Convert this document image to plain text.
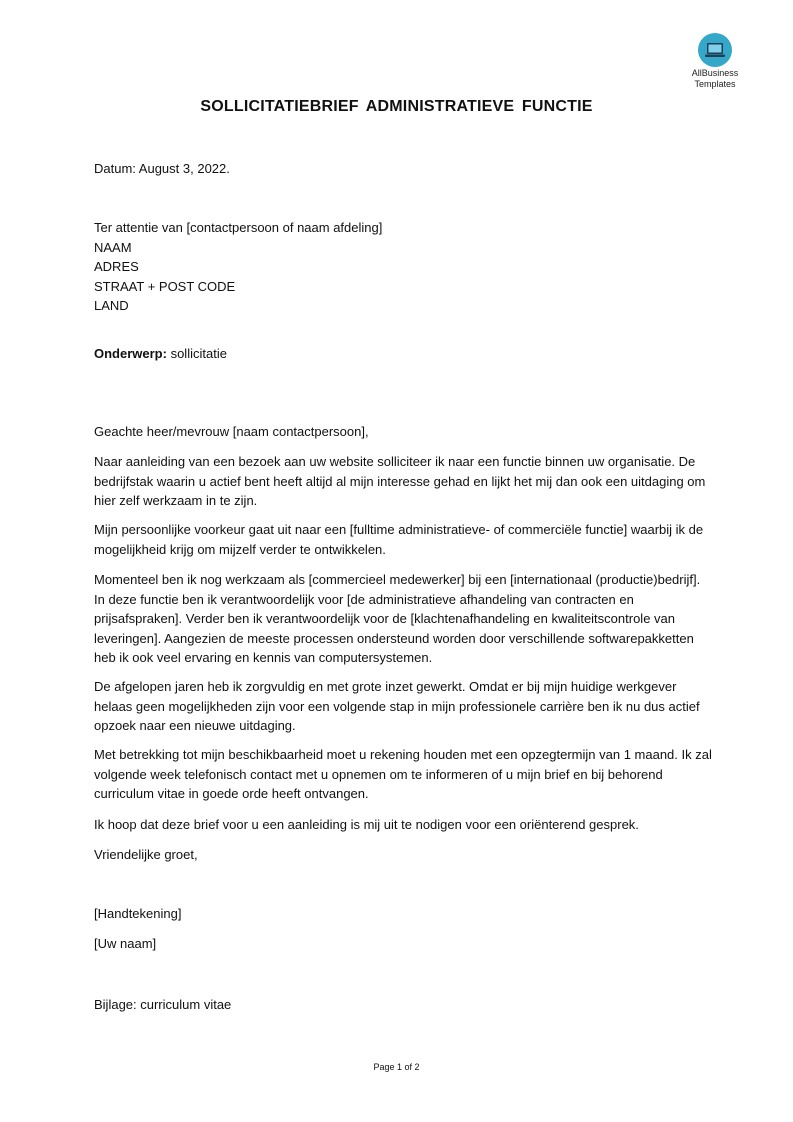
AllBusiness
Templates
SOLLICITATIEBRIEF ADMINISTRATIEVE FUNCTIE
Datum: August 3, 2022.
Ter attentie van [contactpersoon of naam afdeling]
NAAM
ADRES
STRAAT + POST CODE
LAND
Onderwerp: sollicitatie
Geachte heer/mevrouw [naam contactpersoon],

Naar aanleiding van een bezoek aan uw website solliciteer ik naar een functie binnen uw organisatie. De bedrijfstak waarin u actief bent heeft altijd al mijn interesse gehad en lijkt het mij dan ook een uitdaging om hier zelf werkzaam in te zijn.

Mijn persoonlijke voorkeur gaat uit naar een [fulltime administratieve- of commerciële functie] waarbij ik de mogelijkheid krijg om mijzelf verder te ontwikkelen.

Momenteel ben ik nog werkzaam als [commercieel medewerker] bij een [internationaal (productie)bedrijf]. In deze functie ben ik verantwoordelijk voor [de administratieve afhandeling van contracten en prijsafspraken]. Verder ben ik verantwoordelijk voor de [klachtenafhandeling en kwaliteitscontrole van leveringen]. Aangezien de meeste processen ondersteund worden door verschillende softwarepakketten heb ik ook veel ervaring en kennis van computersystemen.

De afgelopen jaren heb ik zorgvuldig en met grote inzet gewerkt. Omdat er bij mijn huidige werkgever helaas geen mogelijkheden zijn voor een volgende stap in mijn professionele carrière ben ik nu dus actief opzoek naar een nieuwe uitdaging.

Met betrekking tot mijn beschikbaarheid moet u rekening houden met een opzegtermijn van 1 maand. Ik zal volgende week telefonisch contact met u opnemen om te informeren of u mijn brief en bij behorend curriculum vitae in goede orde heeft ontvangen.

Ik hoop dat deze brief voor u een aanleiding is mij uit te nodigen voor een oriënterend gesprek.

Vriendelijke groet,
[Handtekening]
[Uw naam]
Bijlage: curriculum vitae
Page 1 of 2
